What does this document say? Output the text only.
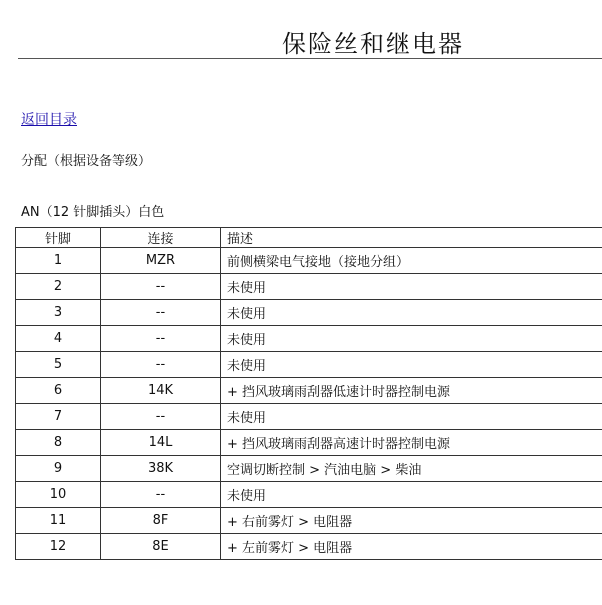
保险丝和继电器
返回目录
分配（根据设备等级）
AN（12 针脚插头）白色
针脚	连接	描述
1	MZR	前侧横梁电气接地（接地分组）
2	--	未使用
3	--	未使用
4	--	未使用
5	--	未使用
6	14K	+ 挡风玻璃雨刮器低速计时器控制电源
7	--	未使用
8	14L	+ 挡风玻璃雨刮器高速计时器控制电源
9	38K	空调切断控制 > 汽油电脑 > 柴油
10	--	未使用
11	8F	+ 右前雾灯 > 电阻器
12	8E	+ 左前雾灯 > 电阻器
